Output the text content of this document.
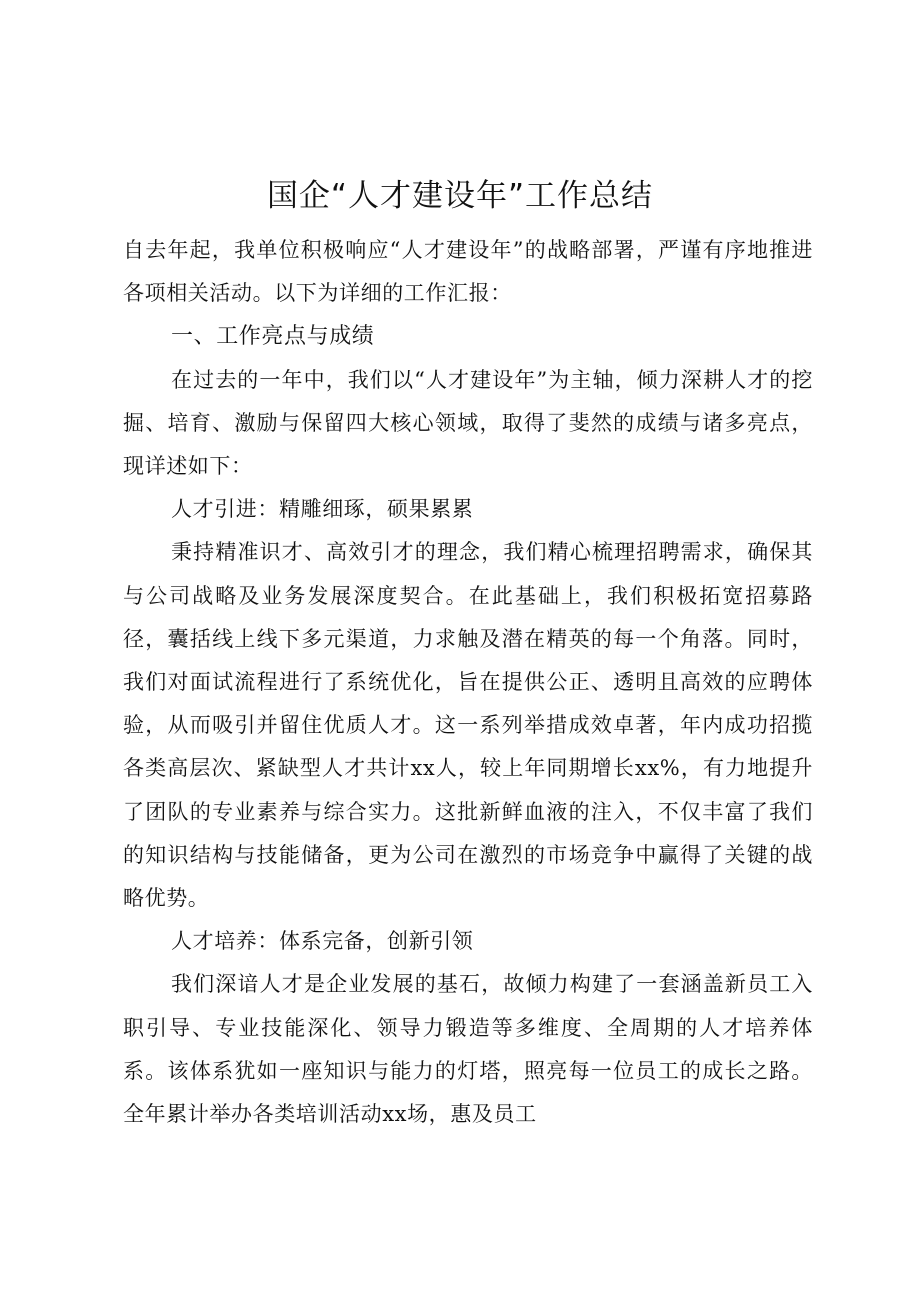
国企“人才建设年”工作总结

自去年起，我单位积极响应“人才建设年”的战略部署，严谨有序地推进各项相关活动。以下为详细的工作汇报：

一、工作亮点与成绩

在过去的一年中，我们以“人才建设年”为主轴，倾力深耕人才的挖掘、培育、激励与保留四大核心领域，取得了斐然的成绩与诸多亮点，现详述如下：

人才引进：精雕细琢，硕果累累

秉持精准识才、高效引才的理念，我们精心梳理招聘需求，确保其与公司战略及业务发展深度契合。在此基础上，我们积极拓宽招募路径，囊括线上线下多元渠道，力求触及潜在精英的每一个角落。同时，我们对面试流程进行了系统优化，旨在提供公正、透明且高效的应聘体验，从而吸引并留住优质人才。这一系列举措成效卓著，年内成功招揽各类高层次、紧缺型人才共计xx人，较上年同期增长xx%，有力地提升了团队的专业素养与综合实力。这批新鲜血液的注入，不仅丰富了我们的知识结构与技能储备，更为公司在激烈的市场竞争中赢得了关键的战略优势。

人才培养：体系完备，创新引领

我们深谙人才是企业发展的基石，故倾力构建了一套涵盖新员工入职引导、专业技能深化、领导力锻造等多维度、全周期的人才培养体系。该体系犹如一座知识与能力的灯塔，照亮每一位员工的成长之路。全年累计举办各类培训活动xx场，惠及员工
